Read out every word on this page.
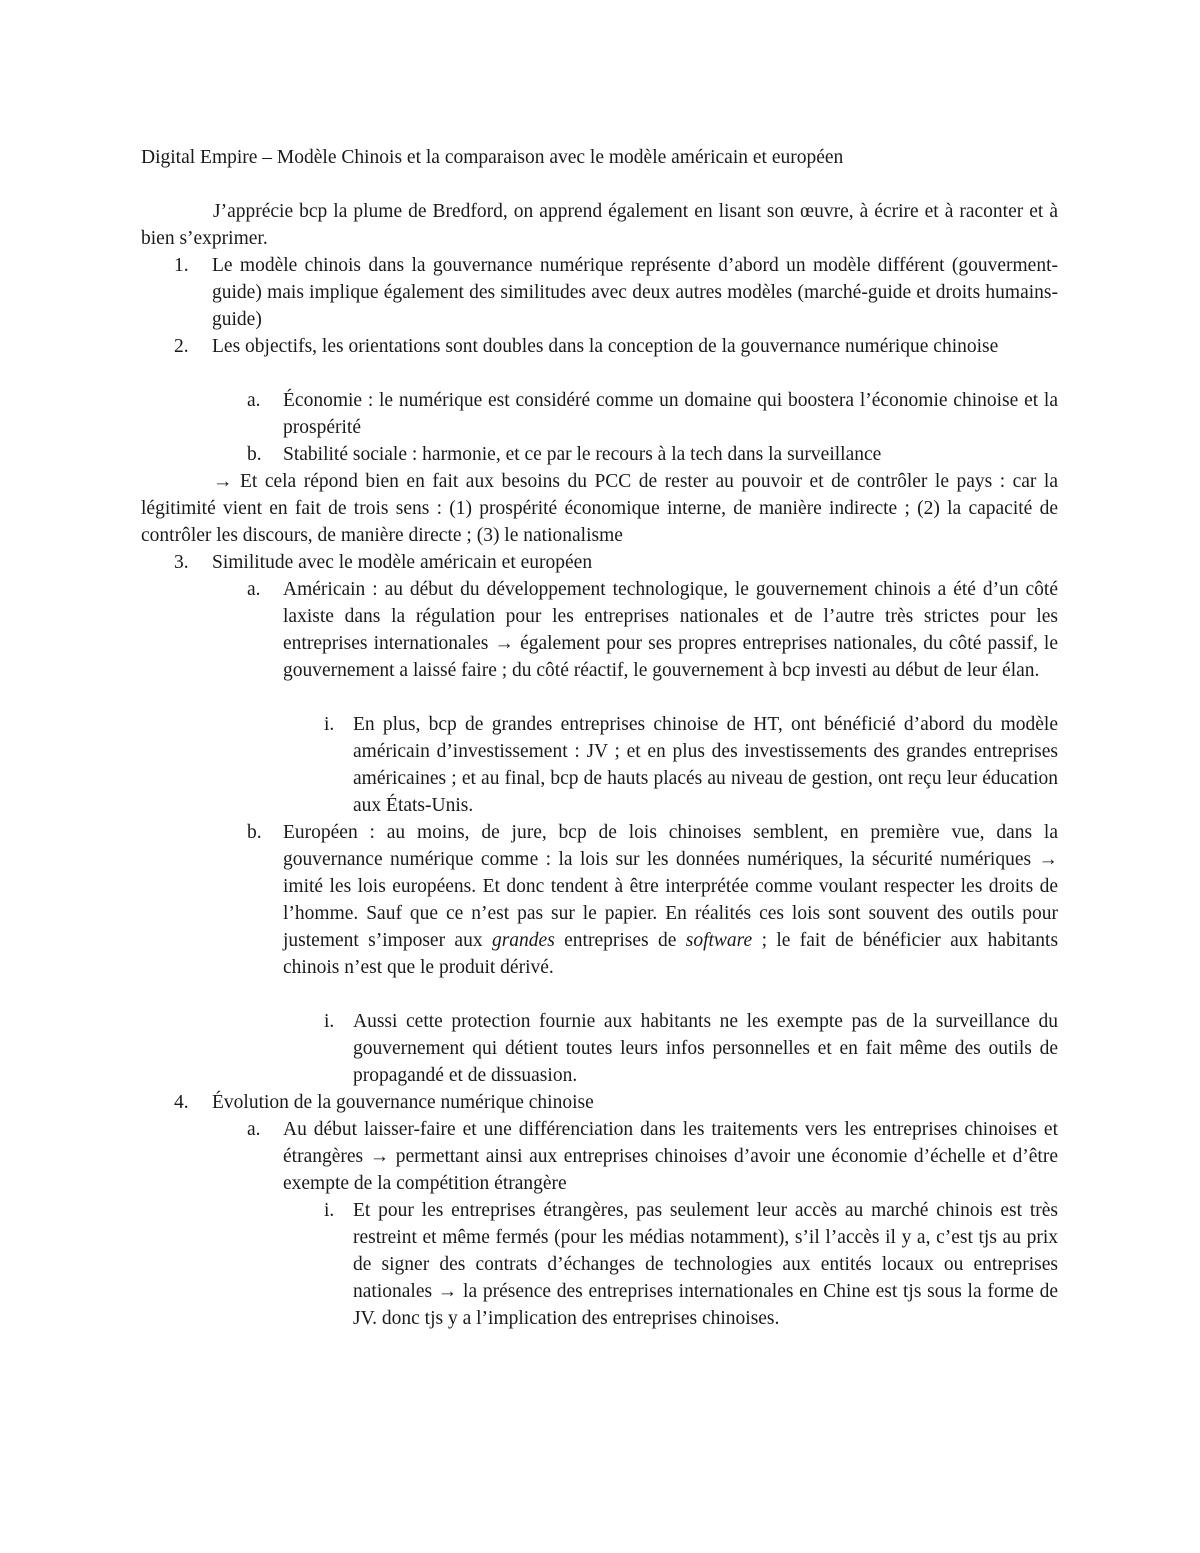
Digital Empire – Modèle Chinois et la comparaison avec le modèle américain et européen

J’apprécie bcp la plume de Bredford, on apprend également en lisant son œuvre, à écrire et à raconter et à bien s’exprimer.

1. Le modèle chinois dans la gouvernance numérique représente d’abord un modèle différent (gouverment-guide) mais implique également des similitudes avec deux autres modèles (marché-guide et droits humains-guide)
2. Les objectifs, les orientations sont doubles dans la conception de la gouvernance numérique chinoise
a. Économie : le numérique est considéré comme un domaine qui boostera l’économie chinoise et la prospérité
b. Stabilité sociale : harmonie, et ce par le recours à la tech dans la surveillance

→ Et cela répond bien en fait aux besoins du PCC de rester au pouvoir et de contrôler le pays : car la légitimité vient en fait de trois sens : (1) prospérité économique interne, de manière indirecte ; (2) la capacité de contrôler les discours, de manière directe ; (3) le nationalisme

3. Similitude avec le modèle américain et européen
a. Américain : au début du développement technologique, le gouvernement chinois a été d’un côté laxiste dans la régulation pour les entreprises nationales et de l’autre très strictes pour les entreprises internationales → également pour ses propres entreprises nationales, du côté passif, le gouvernement a laissé faire ; du côté réactif, le gouvernement à bcp investi au début de leur élan.
i. En plus, bcp de grandes entreprises chinoise de HT, ont bénéficié d’abord du modèle américain d’investissement : JV ; et en plus des investissements des grandes entreprises américaines ; et au final, bcp de hauts placés au niveau de gestion, ont reçu leur éducation aux États-Unis.
b. Européen : au moins, de jure, bcp de lois chinoises semblent, en première vue, dans la gouvernance numérique comme : la lois sur les données numériques, la sécurité numériques → imité les lois européens. Et donc tendent à être interprétée comme voulant respecter les droits de l’homme. Sauf que ce n’est pas sur le papier. En réalités ces lois sont souvent des outils pour justement s’imposer aux grandes entreprises de software ; le fait de bénéficier aux habitants chinois n’est que le produit dérivé.
i. Aussi cette protection fournie aux habitants ne les exempte pas de la surveillance du gouvernement qui détient toutes leurs infos personnelles et en fait même des outils de propagandé et de dissuasion.
4. Évolution de la gouvernance numérique chinoise
a. Au début laisser-faire et une différenciation dans les traitements vers les entreprises chinoises et étrangères → permettant ainsi aux entreprises chinoises d’avoir une économie d’échelle et d’être exempte de la compétition étrangère
i. Et pour les entreprises étrangères, pas seulement leur accès au marché chinois est très restreint et même fermés (pour les médias notamment), s’il l’accès il y a, c’est tjs au prix de signer des contrats d’échanges de technologies aux entités locaux ou entreprises nationales → la présence des entreprises internationales en Chine est tjs sous la forme de JV. donc tjs y a l’implication des entreprises chinoises.
